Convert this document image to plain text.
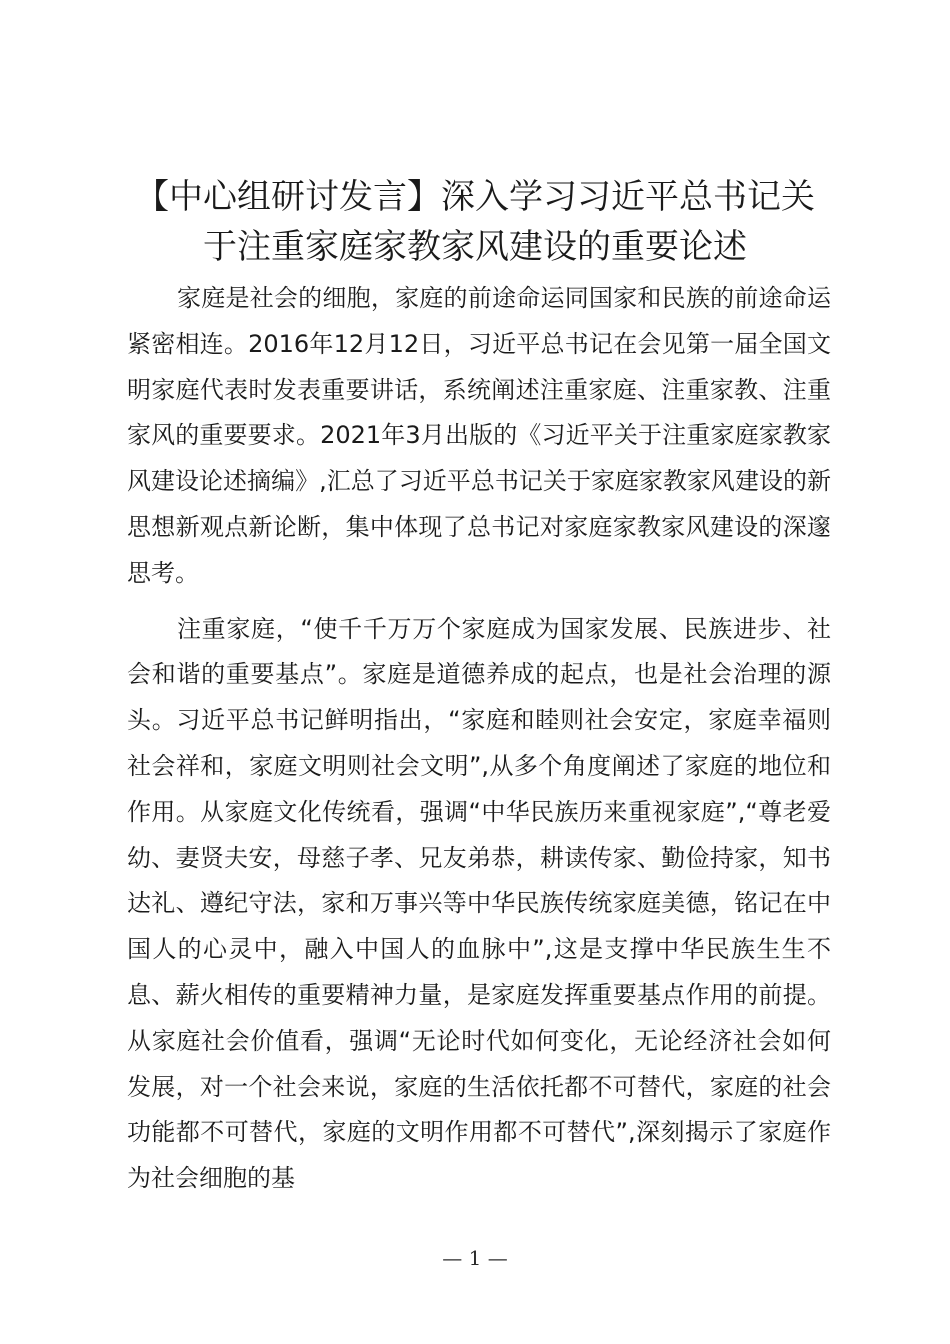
【中心组研讨发言】深入学习习近平总书记关
于注重家庭家教家风建设的重要论述

家庭是社会的细胞，家庭的前途命运同国家和民族的前途命运紧密相连。2016年12月12日，习近平总书记在会见第一届全国文明家庭代表时发表重要讲话，系统阐述注重家庭、注重家教、注重家风的重要要求。2021年3月出版的《习近平关于注重家庭家教家风建设论述摘编》,汇总了习近平总书记关于家庭家教家风建设的新思想新观点新论断，集中体现了总书记对家庭家教家风建设的深邃思考。

注重家庭，“使千千万万个家庭成为国家发展、民族进步、社会和谐的重要基点”。家庭是道德养成的起点，也是社会治理的源头。习近平总书记鲜明指出，“家庭和睦则社会安定，家庭幸福则社会祥和，家庭文明则社会文明”,从多个角度阐述了家庭的地位和作用。从家庭文化传统看，强调“中华民族历来重视家庭”,“尊老爱幼、妻贤夫安，母慈子孝、兄友弟恭，耕读传家、勤俭持家，知书达礼、遵纪守法，家和万事兴等中华民族传统家庭美德，铭记在中国人的心灵中，融入中国人的血脉中”,这是支撑中华民族生生不息、薪火相传的重要精神力量，是家庭发挥重要基点作用的前提。从家庭社会价值看，强调“无论时代如何变化，无论经济社会如何发展，对一个社会来说，家庭的生活依托都不可替代，家庭的社会功能都不可替代，家庭的文明作用都不可替代”,深刻揭示了家庭作为社会细胞的基

— 1 —
